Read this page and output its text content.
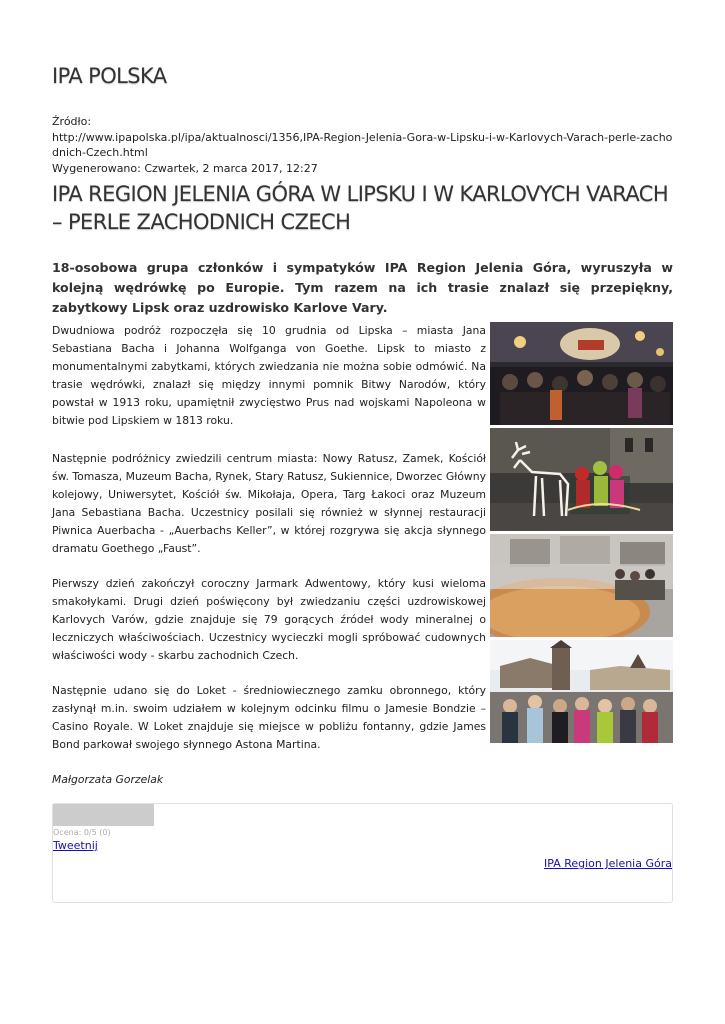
IPA POLSKA
Źródło:
http://www.ipapolska.pl/ipa/aktualnosci/1356,IPA-Region-Jelenia-Gora-w-Lipsku-i-w-Karlovych-Varach-perle-zachodnich-Czech.html
Wygenerowano: Czwartek, 2 marca 2017, 12:27
IPA REGION JELENIA GÓRA W LIPSKU I W KARLOVYCH VARACH – PERLE ZACHODNICH CZECH
18-osobowa grupa członków i sympatyków IPA Region Jelenia Góra, wyruszyła w kolejną wędrówkę po Europie. Tym razem na ich trasie znalazł się przepiękny, zabytkowy Lipsk oraz uzdrowisko Karlove Vary.

Dwudniowa podróż rozpoczęła się 10 grudnia od Lipska – miasta Jana Sebastiana Bacha i Johanna Wolfganga von Goethe. Lipsk to miasto z monumentalnymi zabytkami, których zwiedzania nie można sobie odmówić. Na trasie wędrówki, znalazł się między innymi pomnik Bitwy Narodów, który powstał w 1913 roku, upamiętnił zwycięstwo Prus nad wojskami Napoleona w bitwie pod Lipskiem w 1813 roku.

Następnie podróżnicy zwiedzili centrum miasta: Nowy Ratusz, Zamek, Kościół św. Tomasza, Muzeum Bacha, Rynek, Stary Ratusz, Sukiennice, Dworzec Główny kolejowy, Uniwersytet, Kościół św. Mikołaja, Opera, Targ Łakoci oraz Muzeum Jana Sebastiana Bacha. Uczestnicy posilali się również w słynnej restauracji Piwnica Auerbacha - „Auerbachs Keller”, w której rozgrywa się akcja słynnego dramatu Goethego „Faust”.

Pierwszy dzień zakończył coroczny Jarmark Adwentowy, który kusi wieloma smakołykami. Drugi dzień poświęcony był zwiedzaniu części uzdrowiskowej Karlovych Varów, gdzie znajduje się 79 gorących źródeł wody mineralnej o leczniczych właściwościach. Uczestnicy wycieczki mogli spróbować cudownych właściwości wody - skarbu zachodnich Czech.

Następnie udano się do Loket - średniowiecznego zamku obronnego, który zasłynął m.in. swoim udziałem w kolejnym odcinku filmu o Jamesie Bondzie – Casino Royale. W Loket znajduje się miejsce w pobliżu fontanny, gdzie James Bond parkował swojego słynnego Astona Martina.

Małgorzata Gorzelak

Ocena: 0/5 (0)
Tweetnij
IPA Region Jelenia Góra
